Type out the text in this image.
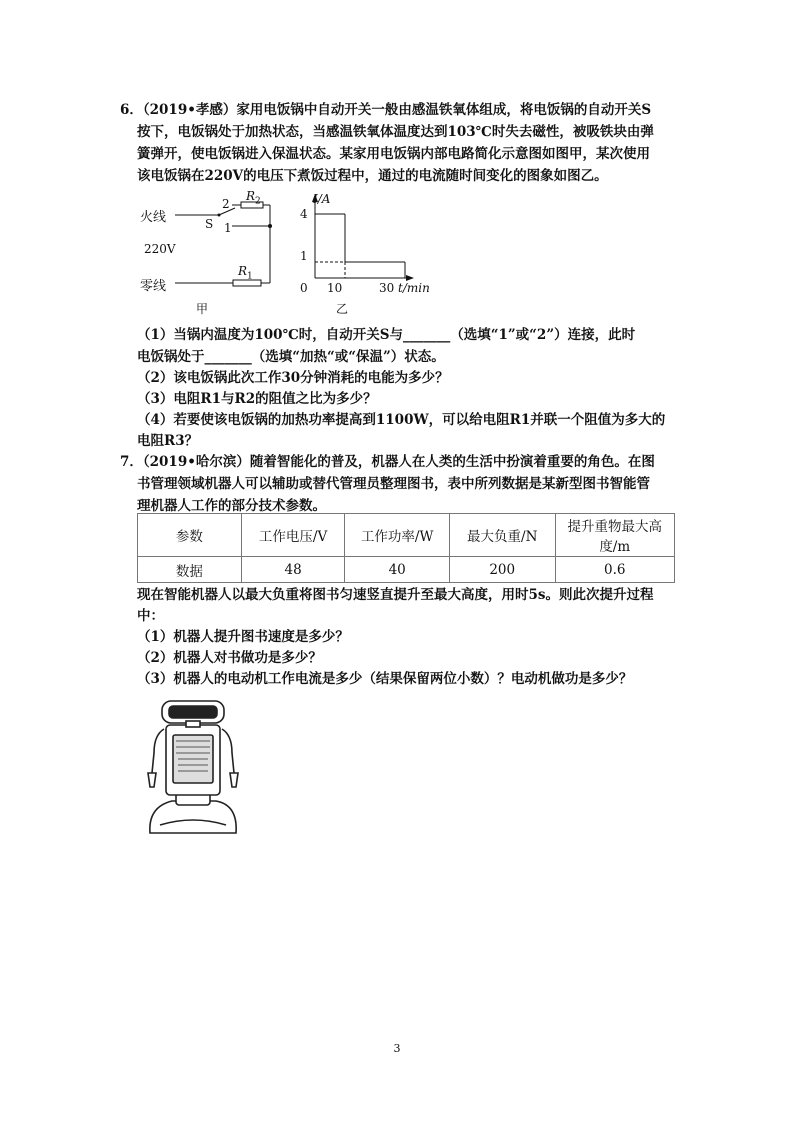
6．（2019•孝感）家用电饭锅中自动开关一般由感温铁氧体组成，将电饭锅的自动开关S
按下，电饭锅处于加热状态，当感温铁氧体温度达到103℃时失去磁性，被吸铁块由弹
簧弹开，使电饭锅进入保温状态。某家用电饭锅内部电路简化示意图如图甲，某次使用
该电饭锅在220V的电压下煮饭过程中，通过的电流随时间变化的图象如图乙。
火线
220V
零线
$R_2$
$R_1$
S
2
1
甲
I/A
4
1
0 10	30 t/min
乙
（1）当锅内温度为100℃时，自动开关S与_______（选填“1”或“2”）连接，此时
电饭锅处于_______（选填“加热“或“保温”）状态。
（2）该电饭锅此次工作30分钟消耗的电能为多少？
（3）电阻R1与R2的阻值之比为多少？
（4）若要使该电饭锅的加热功率提高到1100W，可以给电阻R1并联一个阻值为多大的
电阻R3？
7．（2019•哈尔滨）随着智能化的普及，机器人在人类的生活中扮演着重要的角色。在图
书管理领域机器人可以辅助或替代管理员整理图书，表中所列数据是某新型图书智能管
理机器人工作的部分技术参数。
参数	工作电压/V	工作功率/W	最大负重/N	提升重物最大高度/m
数据	48	40	200	0.6
现在智能机器人以最大负重将图书匀速竖直提升至最大高度，用时5s。则此次提升过程
中：
（1）机器人提升图书速度是多少？
（2）机器人对书做功是多少？
（3）机器人的电动机工作电流是多少（结果保留两位小数）？电动机做功是多少？
3
